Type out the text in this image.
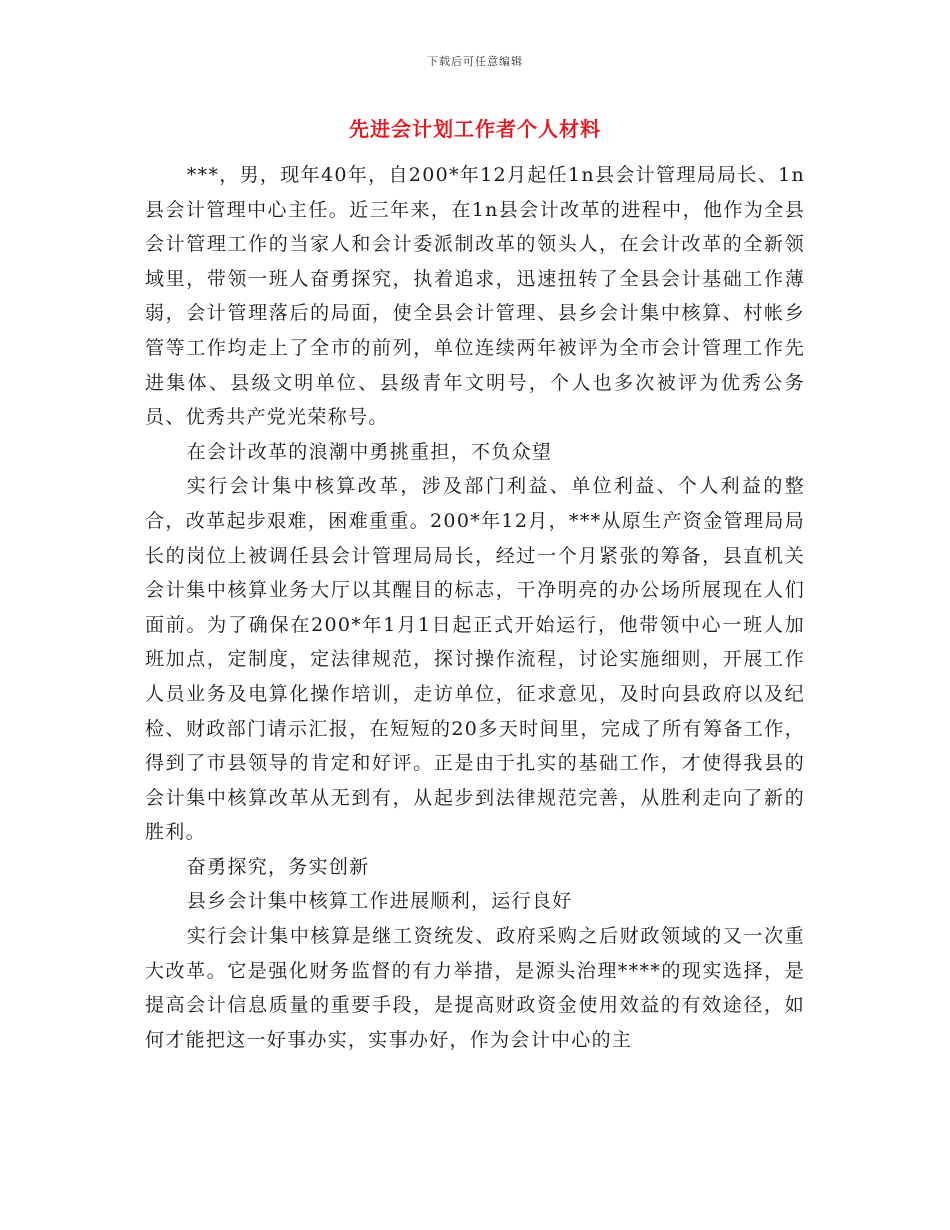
下载后可任意编辑
先进会计划工作者个人材料

***，男，现年40年，自200*年12月起任1n县会计管理局局长、1n县会计管理中心主任。近三年来，在1n县会计改革的进程中，他作为全县会计管理工作的当家人和会计委派制改革的领头人，在会计改革的全新领域里，带领一班人奋勇探究，执着追求，迅速扭转了全县会计基础工作薄弱，会计管理落后的局面，使全县会计管理、县乡会计集中核算、村帐乡管等工作均走上了全市的前列，单位连续两年被评为全市会计管理工作先进集体、县级文明单位、县级青年文明号，个人也多次被评为优秀公务员、优秀共产党光荣称号。

在会计改革的浪潮中勇挑重担，不负众望

实行会计集中核算改革，涉及部门利益、单位利益、个人利益的整合，改革起步艰难，困难重重。200*年12月，***从原生产资金管理局局长的岗位上被调任县会计管理局局长，经过一个月紧张的筹备，县直机关会计集中核算业务大厅以其醒目的标志，干净明亮的办公场所展现在人们面前。为了确保在200*年1月1日起正式开始运行，他带领中心一班人加班加点，定制度，定法律规范，探讨操作流程，讨论实施细则，开展工作人员业务及电算化操作培训，走访单位，征求意见，及时向县政府以及纪检、财政部门请示汇报，在短短的20多天时间里，完成了所有筹备工作，得到了市县领导的肯定和好评。正是由于扎实的基础工作，才使得我县的会计集中核算改革从无到有，从起步到法律规范完善，从胜利走向了新的胜利。

奋勇探究，务实创新

县乡会计集中核算工作进展顺利，运行良好

实行会计集中核算是继工资统发、政府采购之后财政领域的又一次重大改革。它是强化财务监督的有力举措，是源头治理****的现实选择，是提高会计信息质量的重要手段，是提高财政资金使用效益的有效途径，如何才能把这一好事办实，实事办好，作为会计中心的主
